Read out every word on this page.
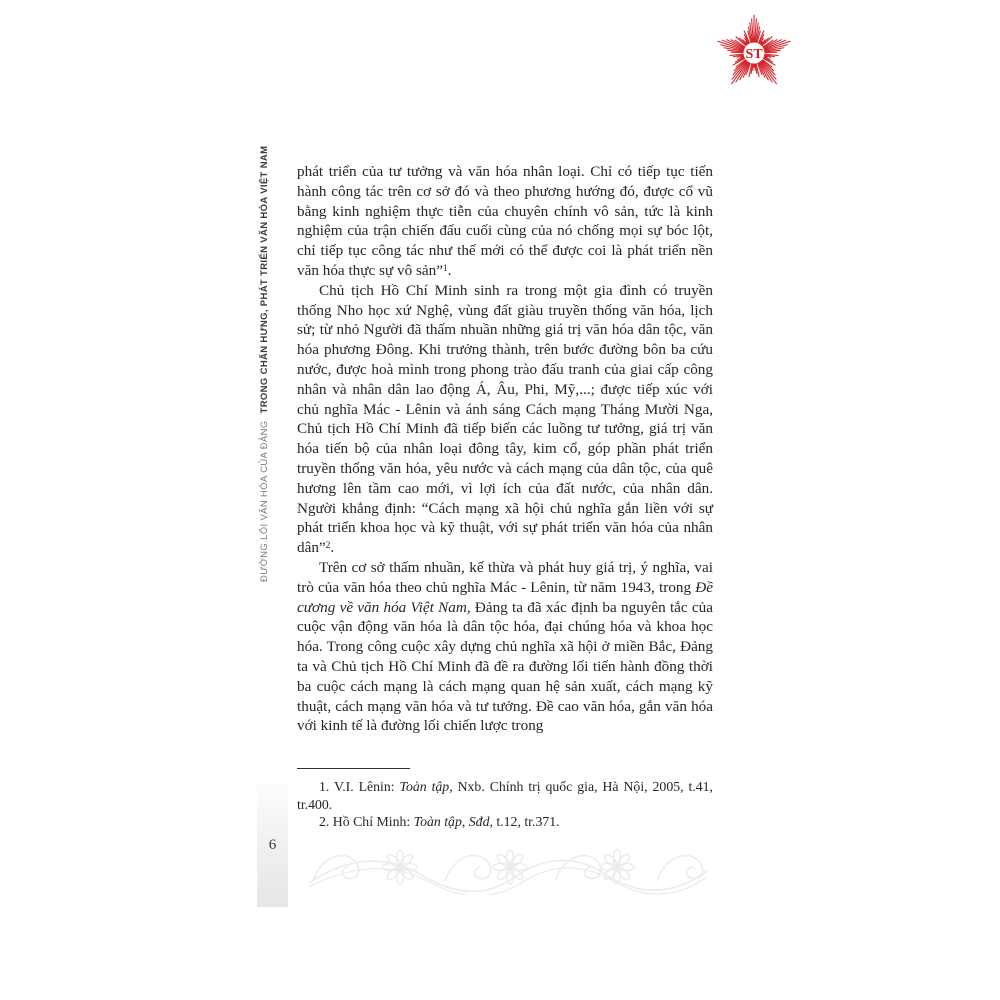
ST
ĐƯỜNG LỐI VĂN HÓA CỦA ĐẢNGTRONG CHẤN HƯNG, PHÁT TRIỂN VĂN HÓA VIỆT NAM phát triển của tư tưởng và văn hóa nhân loại. Chỉ có tiếp tục tiến hành công tác trên cơ sở đó và theo phương hướng đó, được cổ vũ bằng kinh nghiệm thực tiễn của chuyên chính vô sản, tức là kinh nghiệm của trận chiến đấu cuối cùng của nó chống mọi sự bóc lột, chỉ tiếp tục công tác như thế mới có thể được coi là phát triển nền văn hóa thực sự vô sản”$^1$.

Chủ tịch Hồ Chí Minh sinh ra trong một gia đình có truyền thống Nho học xứ Nghệ, vùng đất giàu truyền thống văn hóa, lịch sử; từ nhỏ Người đã thấm nhuần những giá trị văn hóa dân tộc, văn hóa phương Đông. Khi trưởng thành, trên bước đường bôn ba cứu nước, được hoà mình trong phong trào đấu tranh của giai cấp công nhân và nhân dân lao động Á, Âu, Phi, Mỹ,...; được tiếp xúc với chủ nghĩa Mác - Lênin và ánh sáng Cách mạng Tháng Mười Nga, Chủ tịch Hồ Chí Minh đã tiếp biến các luồng tư tưởng, giá trị văn hóa tiến bộ của nhân loại đông tây, kim cổ, góp phần phát triển truyền thống văn hóa, yêu nước và cách mạng của dân tộc, của quê hương lên tầm cao mới, vì lợi ích của đất nước, của nhân dân. Người khẳng định: “Cách mạng xã hội chủ nghĩa gắn liền với sự phát triển khoa học và kỹ thuật, với sự phát triển văn hóa của nhân dân”$^2$.

Trên cơ sở thấm nhuần, kế thừa và phát huy giá trị, ý nghĩa, vai trò của văn hóa theo chủ nghĩa Mác - Lênin, từ năm 1943, trong Đề cương về văn hóa Việt Nam, Đảng ta đã xác định ba nguyên tắc của cuộc vận động văn hóa là dân tộc hóa, đại chúng hóa và khoa học hóa. Trong công cuộc xây dựng chủ nghĩa xã hội ở miền Bắc, Đảng ta và Chủ tịch Hồ Chí Minh đã đề ra đường lối tiến hành đồng thời ba cuộc cách mạng là cách mạng quan hệ sản xuất, cách mạng kỹ thuật, cách mạng văn hóa và tư tưởng. Đề cao văn hóa, gắn văn hóa với kinh tế là đường lối chiến lược trong

1. V.I. Lênin: Toàn tập, Nxb. Chính trị quốc gia, Hà Nội, 2005, t.41, tr.400.

2. Hồ Chí Minh: Toàn tập, Sđd, t.12, tr.371.

6
